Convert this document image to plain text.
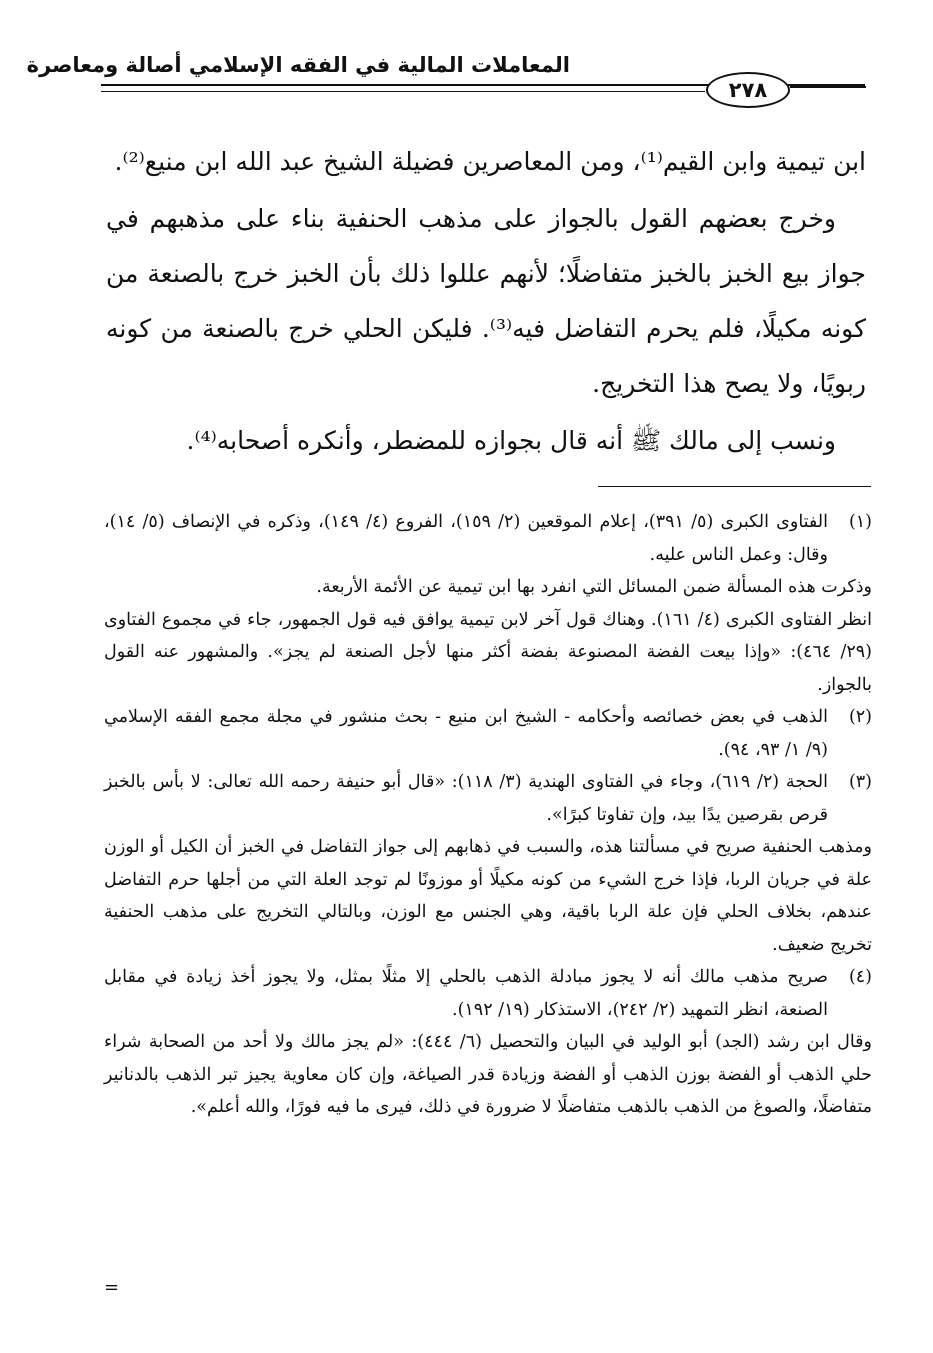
المعاملات المالية في الفقه الإسلامي أصالة ومعاصرة
٢٧٨

ابن تيمية وابن القيم⁽¹⁾، ومن المعاصرين فضيلة الشيخ عبد الله ابن منيع⁽²⁾.

وخرج بعضهم القول بالجواز على مذهب الحنفية بناء على مذهبهم في جواز بيع الخبز بالخبز متفاضلًا؛ لأنهم عللوا ذلك بأن الخبز خرج بالصنعة من كونه مكيلًا، فلم يحرم التفاضل فيه⁽³⁾. فليكن الحلي خرج بالصنعة من كونه ربويًا، ولا يصح هذا التخريج.

ونسب إلى مالك ﷺ أنه قال بجوازه للمضطر، وأنكره أصحابه⁽⁴⁾.

(١)
الفتاوى الكبرى (٥/ ٣٩١)، إعلام الموقعين (٢/ ١٥٩)، الفروع (٤/ ١٤٩)، وذكره في الإنصاف (٥/ ١٤)، وقال: وعمل الناس عليه.
وذكرت هذه المسألة ضمن المسائل التي انفرد بها ابن تيمية عن الأئمة الأربعة.
انظر الفتاوى الكبرى (٤/ ١٦١). وهناك قول آخر لابن تيمية يوافق فيه قول الجمهور، جاء في مجموع الفتاوى (٢٩/ ٤٦٤): «وإذا بيعت الفضة المصنوعة بفضة أكثر منها لأجل الصنعة لم يجز». والمشهور عنه القول بالجواز.
(٢)
الذهب في بعض خصائصه وأحكامه - الشيخ ابن منيع - بحث منشور في مجلة مجمع الفقه الإسلامي (٩/ ١/ ٩٣، ٩٤).
(٣)
الحجة (٢/ ٦١٩)، وجاء في الفتاوى الهندية (٣/ ١١٨): «قال أبو حنيفة رحمه الله تعالى: لا بأس بالخبز قرص بقرصين يدًا بيد، وإن تفاوتا كبرًا».
ومذهب الحنفية صريح في مسألتنا هذه، والسبب في ذهابهم إلى جواز التفاضل في الخبز أن الكيل أو الوزن علة في جريان الربا، فإذا خرج الشيء من كونه مكيلًا أو موزونًا لم توجد العلة التي من أجلها حرم التفاضل عندهم، بخلاف الحلي فإن علة الربا باقية، وهي الجنس مع الوزن، وبالتالي التخريج على مذهب الحنفية تخريج ضعيف.
(٤)
صريح مذهب مالك أنه لا يجوز مبادلة الذهب بالحلي إلا مثلًا بمثل، ولا يجوز أخذ زيادة في مقابل الصنعة، انظر التمهيد (٢/ ٢٤٢)، الاستذكار (١٩/ ١٩٢).
وقال ابن رشد (الجد) أبو الوليد في البيان والتحصيل (٦/ ٤٤٤): «لم يجز مالك ولا أحد من الصحابة شراء حلي الذهب أو الفضة بوزن الذهب أو الفضة وزيادة قدر الصياغة، وإن كان معاوية يجيز تبر الذهب بالدنانير متفاضلًا، والصوغ من الذهب بالذهب متفاضلًا لا ضرورة في ذلك، فيرى ما فيه فورًا، والله أعلم».
=
